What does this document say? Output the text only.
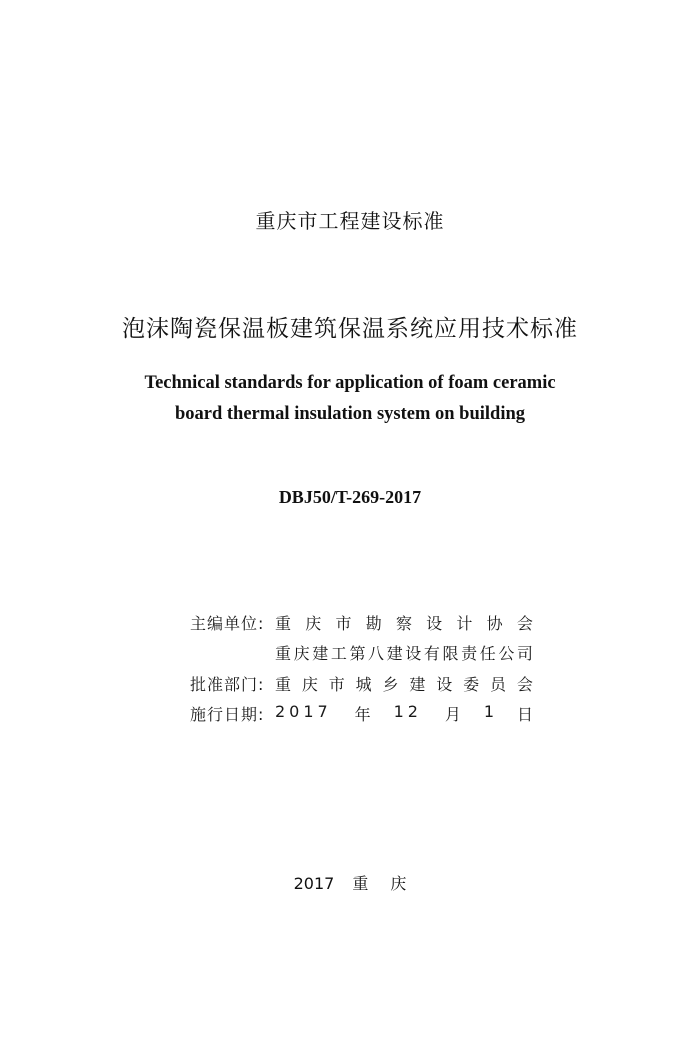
重庆市工程建设标准
泡沫陶瓷保温板建筑保温系统应用技术标准
Technical standards for application of foam ceramic
board thermal insulation system on building
DBJ50/T-269-2017
主编单位: 重 庆 市 勘 察 设 计 协 会
重 庆 建 工 第 八 建 设 有 限 责 任 公 司
批准部门: 重 庆 市 城 乡 建 设 委 员 会
施行日期: 2017 年 12 月 1 日
2017 重 庆
